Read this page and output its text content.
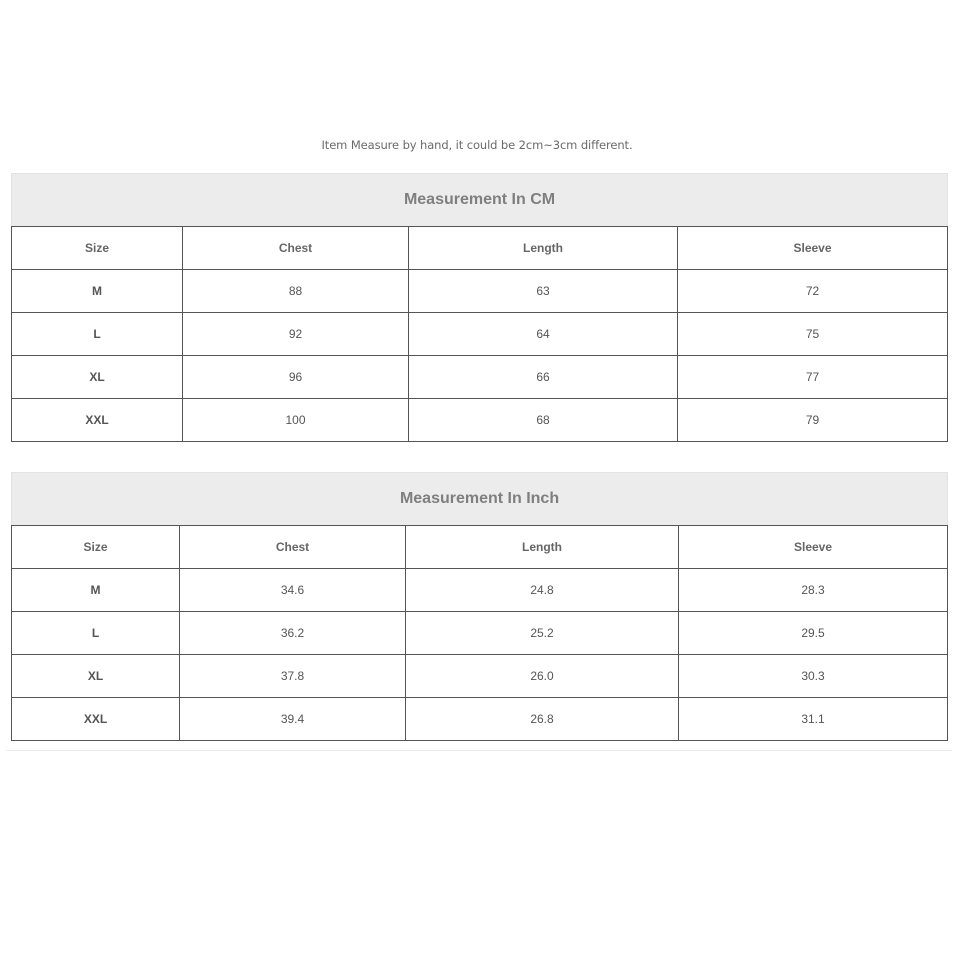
Item Measure by hand, it could be 2cm~3cm different.
Measurement In CM			
Size	Chest	Length	Sleeve
M	88	63	72
L	92	64	75
XL	96	66	77
XXL	100	68	79
Measurement In Inch			
Size	Chest	Length	Sleeve
M	34.6	24.8	28.3
L	36.2	25.2	29.5
XL	37.8	26.0	30.3
XXL	39.4	26.8	31.1
